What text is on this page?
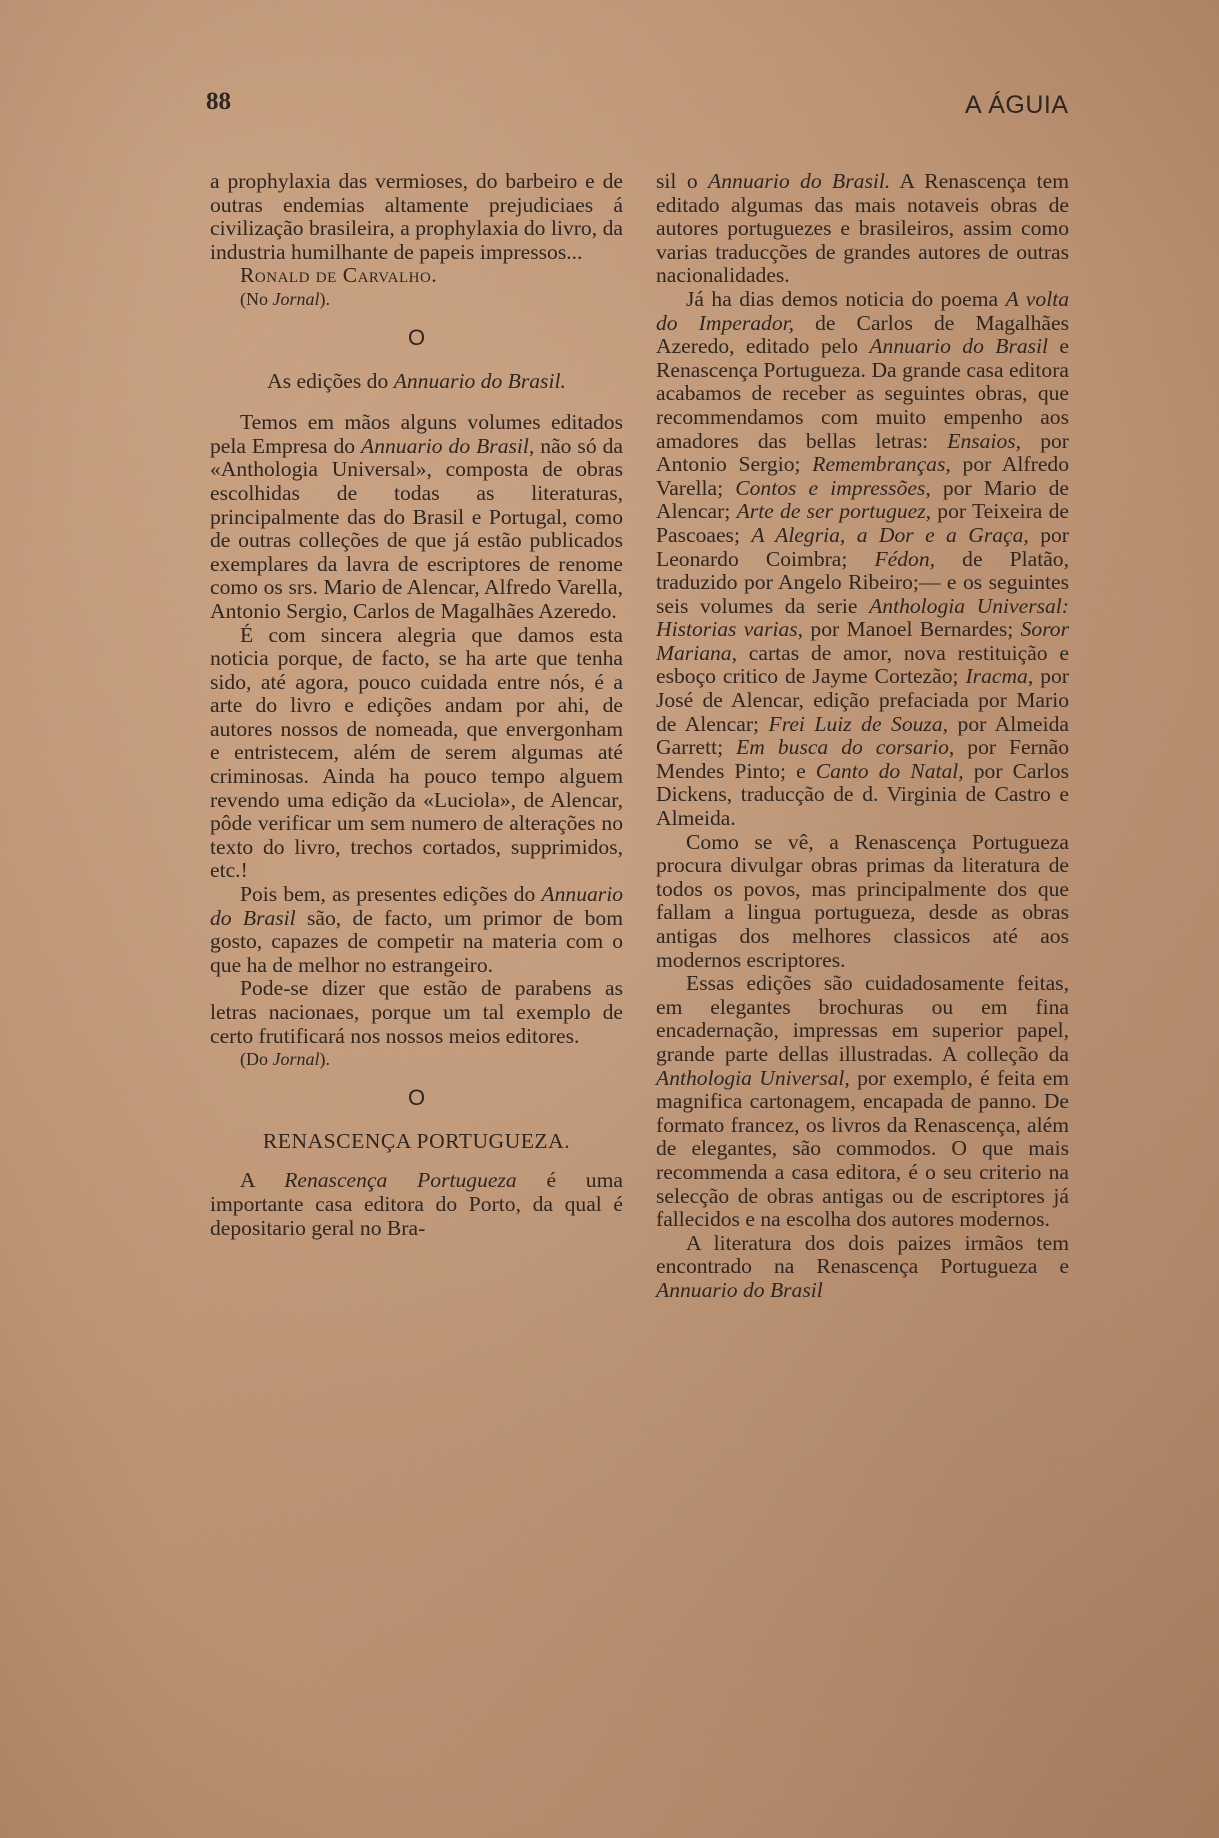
88	A ÁGUIA

a prophylaxia das vermioses, do barbeiro e de outras endemias altamente prejudiciaes á civilização brasileira, a prophylaxia do livro, da industria humilhante de papeis impressos...

Ronald de Carvalho.

(No Jornal).

O
As edições do Annuario do Brasil.

Temos em mãos alguns volumes editados pela Empresa do Annuario do Brasil, não só da «Anthologia Universal», composta de obras escolhidas de todas as literaturas, principalmente das do Brasil e Portugal, como de outras colleções de que já estão publicados exemplares da lavra de escriptores de renome como os srs. Mario de Alencar, Alfredo Varella, Antonio Sergio, Carlos de Magalhães Azeredo.

É com sincera alegria que damos esta noticia porque, de facto, se ha arte que tenha sido, até agora, pouco cuidada entre nós, é a arte do livro e edições andam por ahi, de autores nossos de nomeada, que envergonham e entristecem, além de serem algumas até criminosas. Ainda ha pouco tempo alguem revendo uma edição da «Luciola», de Alencar, pôde verificar um sem numero de alterações no texto do livro, trechos cortados, supprimidos, etc.!

Pois bem, as presentes edições do Annuario do Brasil são, de facto, um primor de bom gosto, capazes de competir na materia com o que ha de melhor no estrangeiro.

Pode-se dizer que estão de parabens as letras nacionaes, porque um tal exemplo de certo frutificará nos nossos meios editores.

(Do Jornal).

O
RENASCENÇA PORTUGUEZA.

A Renascença Portugueza é uma importante casa editora do Porto, da qual é depositario geral no Bra-

sil o Annuario do Brasil. A Renascença tem editado algumas das mais notaveis obras de autores portuguezes e brasileiros, assim como varias traducções de grandes autores de outras nacionalidades.

Já ha dias demos noticia do poema A volta do Imperador, de Carlos de Magalhães Azeredo, editado pelo Annuario do Brasil e Renascença Portugueza. Da grande casa editora acabamos de receber as seguintes obras, que recommendamos com muito empenho aos amadores das bellas letras: Ensaios, por Antonio Sergio; Remembranças, por Alfredo Varella; Contos e impressões, por Mario de Alencar; Arte de ser portuguez, por Teixeira de Pascoaes; A Alegria, a Dor e a Graça, por Leonardo Coimbra; Fédon, de Platão, traduzido por Angelo Ribeiro;— e os seguintes seis volumes da serie Anthologia Universal: Historias varias, por Manoel Bernardes; Soror Mariana, cartas de amor, nova restituição e esboço critico de Jayme Cortezão; Iracma, por José de Alencar, edição prefaciada por Mario de Alencar; Frei Luiz de Souza, por Almeida Garrett; Em busca do corsario, por Fernão Mendes Pinto; e Canto do Natal, por Carlos Dickens, traducção de d. Virginia de Castro e Almeida.

Como se vê, a Renascença Portugueza procura divulgar obras primas da literatura de todos os povos, mas principalmente dos que fallam a lingua portugueza, desde as obras antigas dos melhores classicos até aos modernos escriptores.

Essas edições são cuidadosamente feitas, em elegantes brochuras ou em fina encadernação, impressas em superior papel, grande parte dellas illustradas. A colleção da Anthologia Universal, por exemplo, é feita em magnifica cartonagem, encapada de panno. De formato francez, os livros da Renascença, além de elegantes, são commodos. O que mais recommenda a casa editora, é o seu criterio na selecção de obras antigas ou de escriptores já fallecidos e na escolha dos autores modernos.

A literatura dos dois paizes irmãos tem encontrado na Renascença Portugueza e Annuario do Brasil
